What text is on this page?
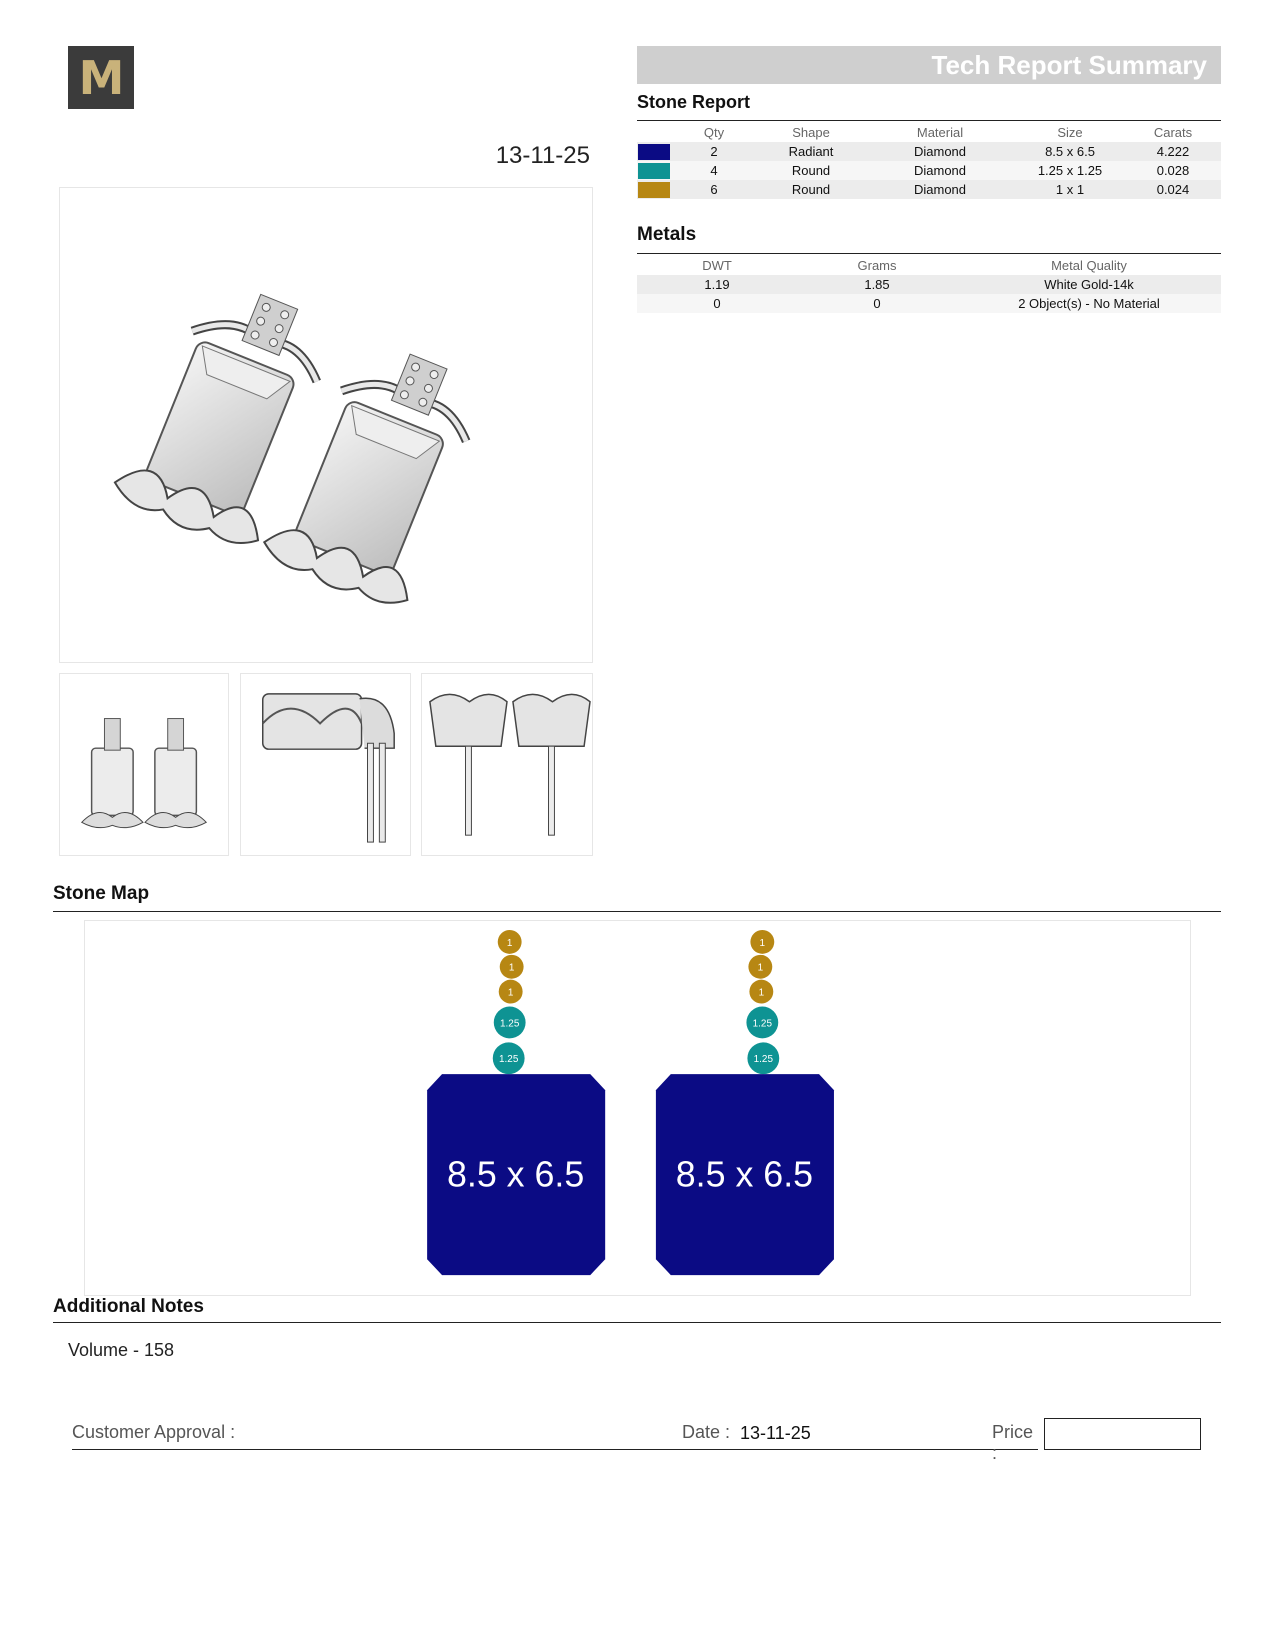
M
13-11-25
Tech Report Summary
Stone Report
	Qty	Shape	Material	Size	Carats
	2	Radiant	Diamond	8.5 x 6.5	4.222
	4	Round	Diamond	1.25 x 1.25	0.028
	6	Round	Diamond	1 x 1	0.024
Metals
DWT	Grams	Metal Quality
1.19	1.85	White Gold-14k
0	0	2 Object(s) - No Material
Stone Map
1
1
1
1.25
1.25
8.5 x 6.5
1
1
1
1.25
1.25
8.5 x 6.5
Additional Notes
Volume - 158
Customer Approval :	Date : 13-11-25	Price :
